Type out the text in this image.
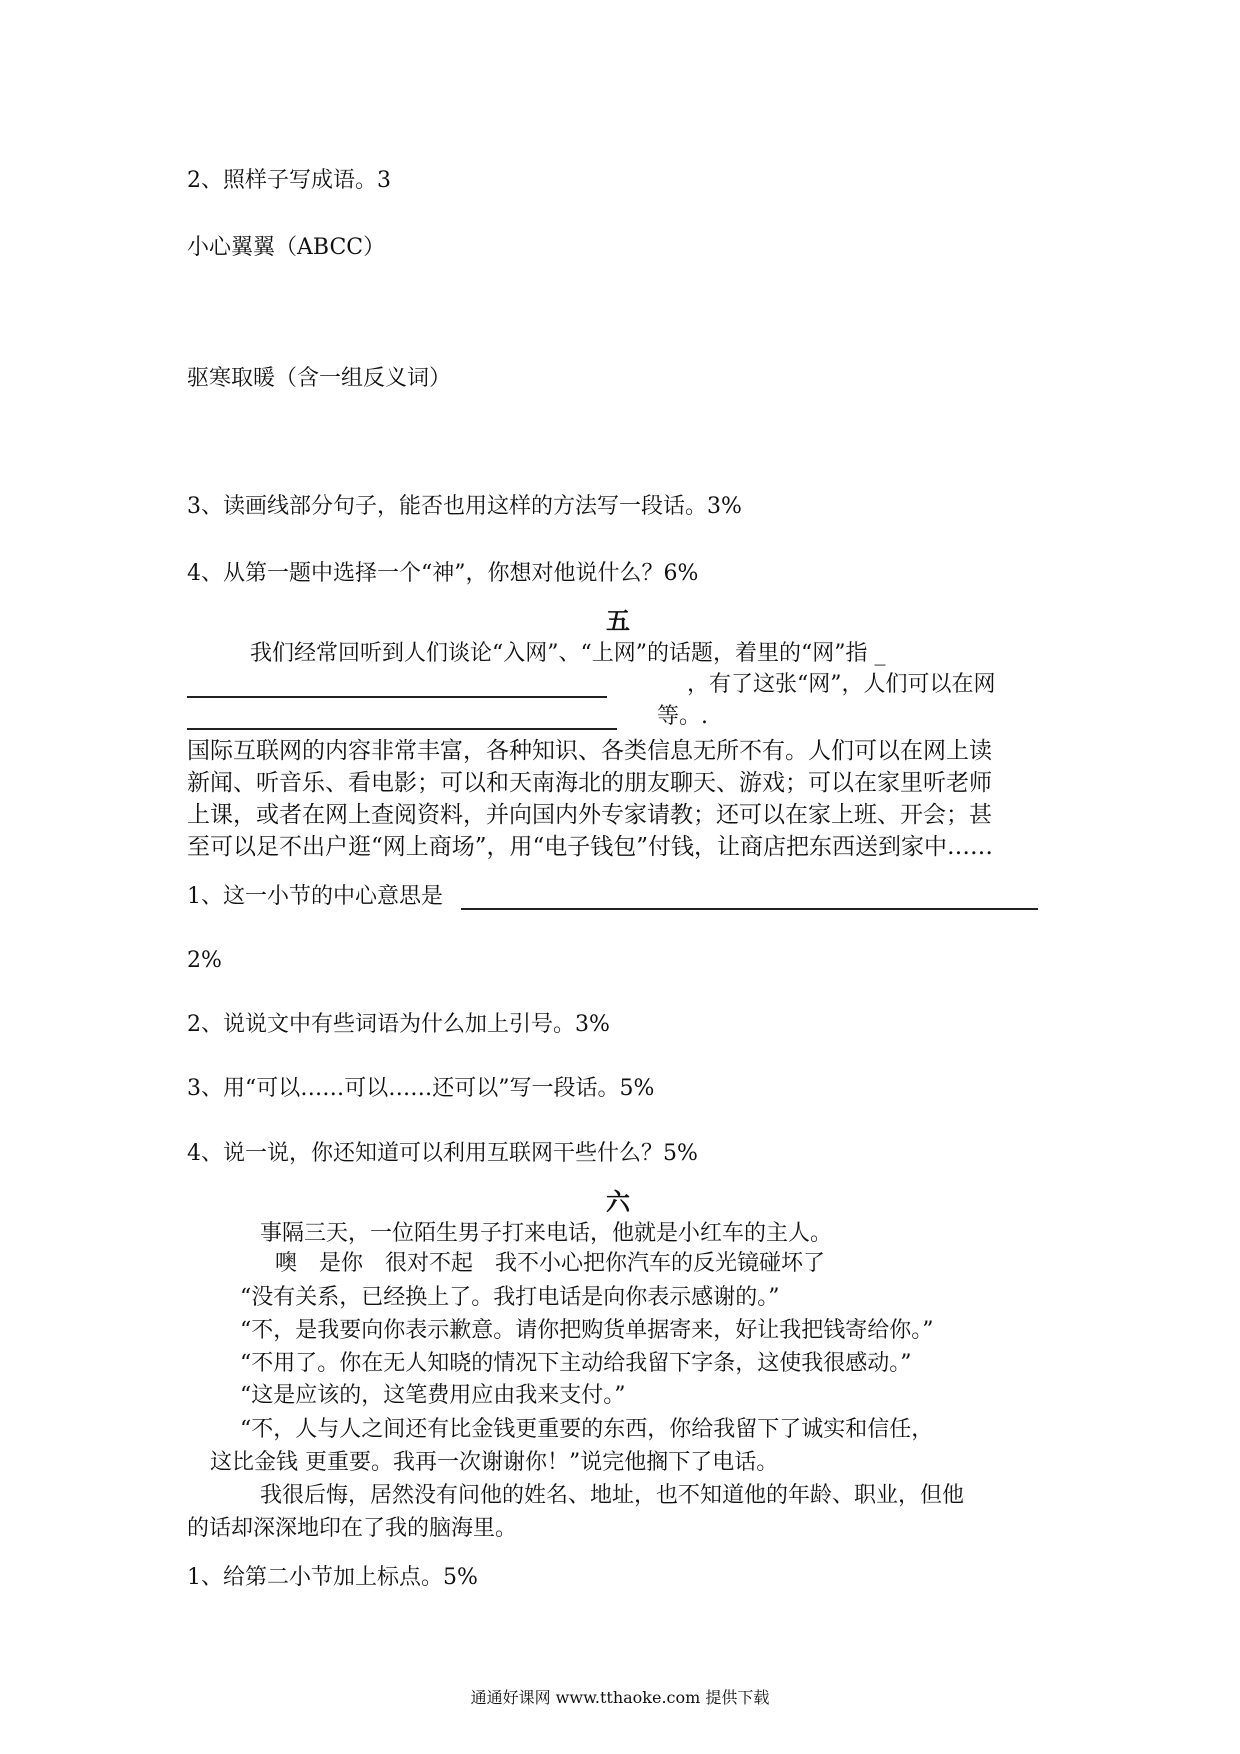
2、照样子写成语。3
小心翼翼（ABCC）
驱寒取暖（含一组反义词）
3、读画线部分句子，能否也用这样的方法写一段话。3%
4、从第一题中选择一个“神”，你想对他说什么？6%
五
我们经常回听到人们谈论“入网”、“上网”的话题，着里的“网”指 _
，有了这张“网”，人们可以在网
等。.
国际互联网的内容非常丰富，各种知识、各类信息无所不有。人们可以在网上读
新闻、听音乐、看电影；可以和天南海北的朋友聊天、游戏；可以在家里听老师
上课，或者在网上查阅资料，并向国内外专家请教；还可以在家上班、开会；甚
至可以足不出户逛“网上商场”，用“电子钱包”付钱，让商店把东西送到家中……
1、这一小节的中心意思是
2%
2、说说文中有些词语为什么加上引号。3%
3、用“可以……可以……还可以”写一段话。5%
4、说一说，你还知道可以利用互联网干些什么？5%
六
事隔三天，一位陌生男子打来电话，他就是小红车的主人。
噢　是你　很对不起　我不小心把你汽车的反光镜碰坏了
“没有关系，已经换上了。我打电话是向你表示感谢的。”
“不，是我要向你表示歉意。请你把购货单据寄来，好让我把钱寄给你。”
“不用了。你在无人知晓的情况下主动给我留下字条，这使我很感动。”
“这是应该的，这笔费用应由我来支付。”
“不，人与人之间还有比金钱更重要的东西，你给我留下了诚实和信任，
这比金钱 更重要。我再一次谢谢你！”说完他搁下了电话。
我很后悔，居然没有问他的姓名、地址，也不知道他的年龄、职业，但他
的话却深深地印在了我的脑海里。
1、给第二小节加上标点。5%
通通好课网 www.tthaoke.com 提供下载
